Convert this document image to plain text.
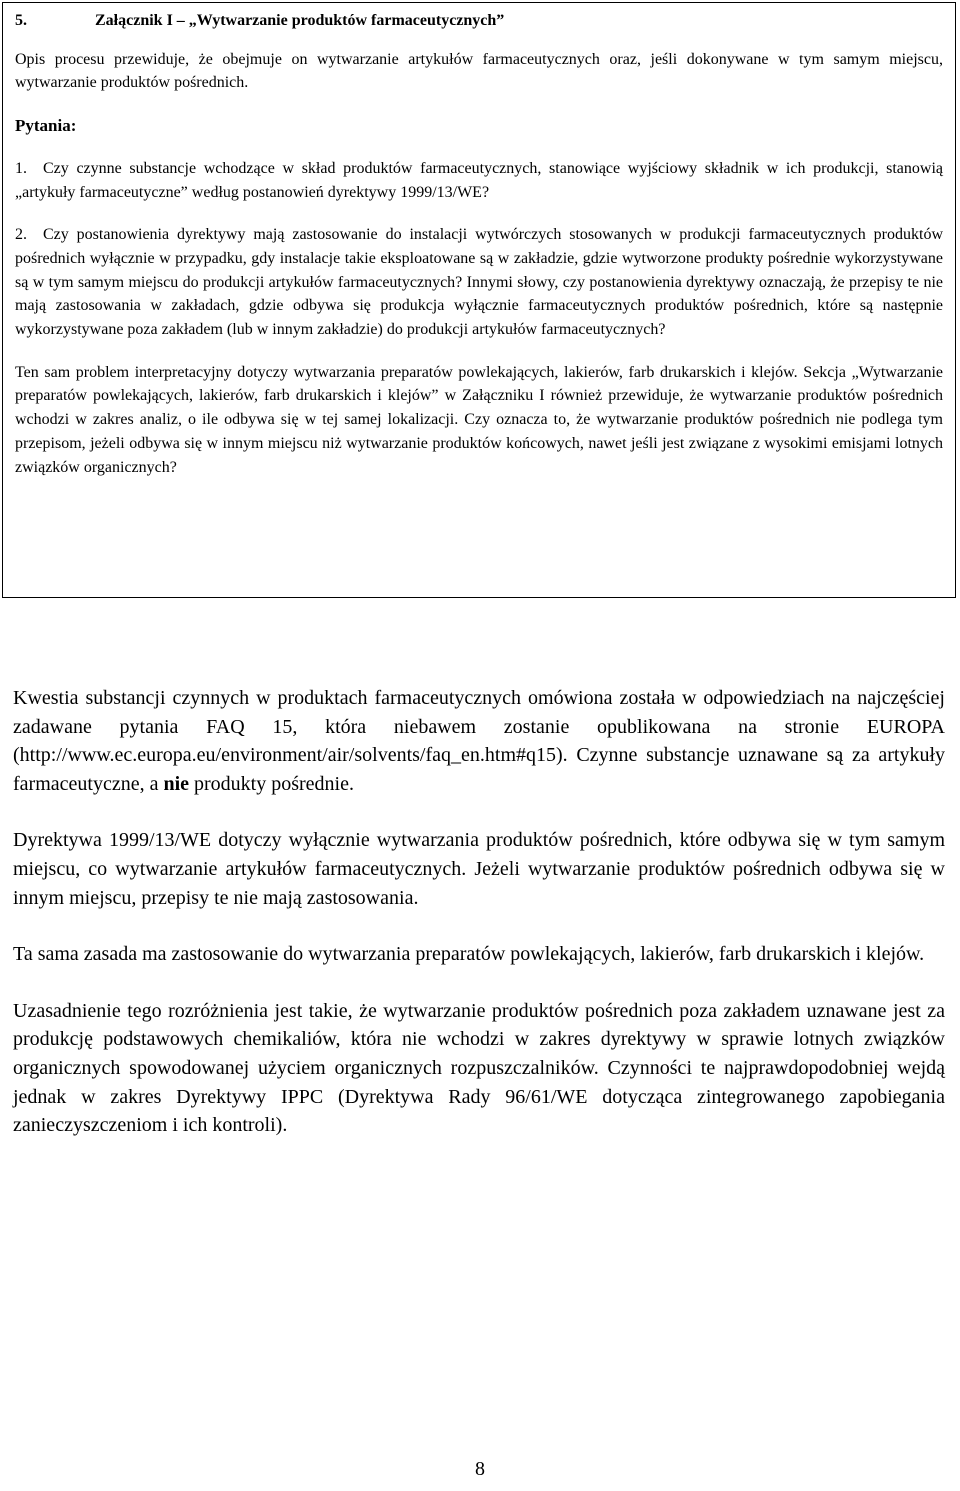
5.	Załącznik I – „Wytwarzanie produktów farmaceutycznych”

Opis procesu przewiduje, że obejmuje on wytwarzanie artykułów farmaceutycznych oraz, jeśli dokonywane w tym samym miejscu, wytwarzanie produktów pośrednich.

Pytania:

1. Czy czynne substancje wchodzące w skład produktów farmaceutycznych, stanowiące wyjściowy składnik w ich produkcji, stanowią „artykuły farmaceutyczne” według postanowień dyrektywy 1999/13/WE?

2. Czy postanowienia dyrektywy mają zastosowanie do instalacji wytwórczych stosowanych w produkcji farmaceutycznych produktów pośrednich wyłącznie w przypadku, gdy instalacje takie eksploatowane są w zakładzie, gdzie wytworzone produkty pośrednie wykorzystywane są w tym samym miejscu do produkcji artykułów farmaceutycznych? Innymi słowy, czy postanowienia dyrektywy oznaczają, że przepisy te nie mają zastosowania w zakładach, gdzie odbywa się produkcja wyłącznie farmaceutycznych produktów pośrednich, które są następnie wykorzystywane poza zakładem (lub w innym zakładzie) do produkcji artykułów farmaceutycznych?

Ten sam problem interpretacyjny dotyczy wytwarzania preparatów powlekających, lakierów, farb drukarskich i klejów. Sekcja „Wytwarzanie preparatów powlekających, lakierów, farb drukarskich i klejów” w Załączniku I również przewiduje, że wytwarzanie produktów pośrednich wchodzi w zakres analiz, o ile odbywa się w tej samej lokalizacji. Czy oznacza to, że wytwarzanie produktów pośrednich nie podlega tym przepisom, jeżeli odbywa się w innym miejscu niż wytwarzanie produktów końcowych, nawet jeśli jest związane z wysokimi emisjami lotnych związków organicznych?

Kwestia substancji czynnych w produktach farmaceutycznych omówiona została w odpowiedziach na najczęściej zadawane pytania FAQ 15, która niebawem zostanie opublikowana na stronie EUROPA (http://www.ec.europa.eu/environment/air/solvents/faq_en.htm#q15). Czynne substancje uznawane są za artykuły farmaceutyczne, a nie produkty pośrednie.

Dyrektywa 1999/13/WE dotyczy wyłącznie wytwarzania produktów pośrednich, które odbywa się w tym samym miejscu, co wytwarzanie artykułów farmaceutycznych. Jeżeli wytwarzanie produktów pośrednich odbywa się w innym miejscu, przepisy te nie mają zastosowania.

Ta sama zasada ma zastosowanie do wytwarzania preparatów powlekających, lakierów, farb drukarskich i klejów.

Uzasadnienie tego rozróżnienia jest takie, że wytwarzanie produktów pośrednich poza zakładem uznawane jest za produkcję podstawowych chemikaliów, która nie wchodzi w zakres dyrektywy w sprawie lotnych związków organicznych spowodowanej użyciem organicznych rozpuszczalników. Czynności te najprawdopodobniej wejdą jednak w zakres Dyrektywy IPPC (Dyrektywa Rady 96/61/WE dotycząca zintegrowanego zapobiegania zanieczyszczeniom i ich kontroli).

8
